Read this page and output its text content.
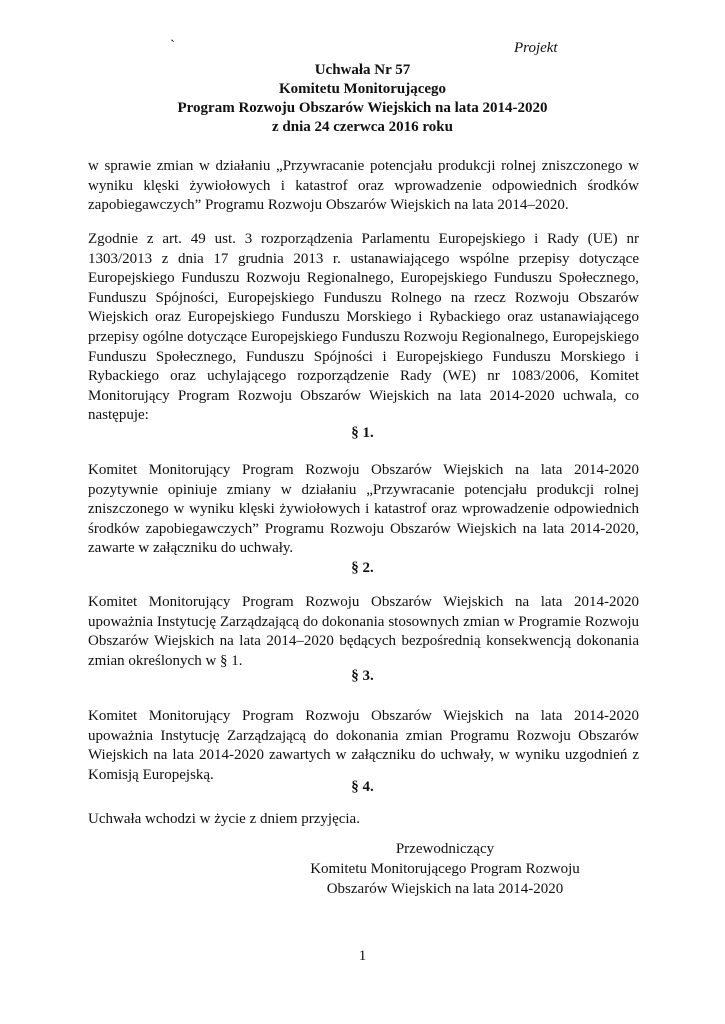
`	Projekt
Uchwała Nr 57
Komitetu Monitorującego
Program Rozwoju Obszarów Wiejskich na lata 2014-2020
z dnia 24 czerwca 2016 roku
w sprawie zmian w działaniu „Przywracanie potencjału produkcji rolnej zniszczonego w wyniku klęski żywiołowych i katastrof oraz wprowadzenie odpowiednich środków zapobiegawczych” Programu Rozwoju Obszarów Wiejskich na lata 2014–2020.
Zgodnie z art. 49 ust. 3 rozporządzenia Parlamentu Europejskiego i Rady (UE) nr 1303/2013 z dnia 17 grudnia 2013 r. ustanawiającego wspólne przepisy dotyczące Europejskiego Funduszu Rozwoju Regionalnego, Europejskiego Funduszu Społecznego, Funduszu Spójności, Europejskiego Funduszu Rolnego na rzecz Rozwoju Obszarów Wiejskich oraz Europejskiego Funduszu Morskiego i Rybackiego oraz ustanawiającego przepisy ogólne dotyczące Europejskiego Funduszu Rozwoju Regionalnego, Europejskiego Funduszu Społecznego, Funduszu Spójności i Europejskiego Funduszu Morskiego i Rybackiego oraz uchylającego rozporządzenie Rady (WE) nr 1083/2006, Komitet Monitorujący Program Rozwoju Obszarów Wiejskich na lata 2014-2020 uchwala, co następuje:
§ 1.
Komitet Monitorujący Program Rozwoju Obszarów Wiejskich na lata 2014-2020 pozytywnie opiniuje zmiany w działaniu „Przywracanie potencjału produkcji rolnej zniszczonego w wyniku klęski żywiołowych i katastrof oraz wprowadzenie odpowiednich środków zapobiegawczych” Programu Rozwoju Obszarów Wiejskich na lata 2014-2020, zawarte w załączniku do uchwały.
§ 2.
Komitet Monitorujący Program Rozwoju Obszarów Wiejskich na lata 2014-2020 upoważnia Instytucję Zarządzającą do dokonania stosownych zmian w Programie Rozwoju Obszarów Wiejskich na lata 2014–2020 będących bezpośrednią konsekwencją dokonania zmian określonych w § 1.
§ 3.
Komitet Monitorujący Program Rozwoju Obszarów Wiejskich na lata 2014-2020 upoważnia Instytucję Zarządzającą do dokonania zmian Programu Rozwoju Obszarów Wiejskich na lata 2014-2020 zawartych w załączniku do uchwały, w wyniku uzgodnień z Komisją Europejską.
§ 4.
Uchwała wchodzi w życie z dniem przyjęcia.
Przewodniczący
Komitetu Monitorującego Program Rozwoju
Obszarów Wiejskich na lata 2014-2020
1
